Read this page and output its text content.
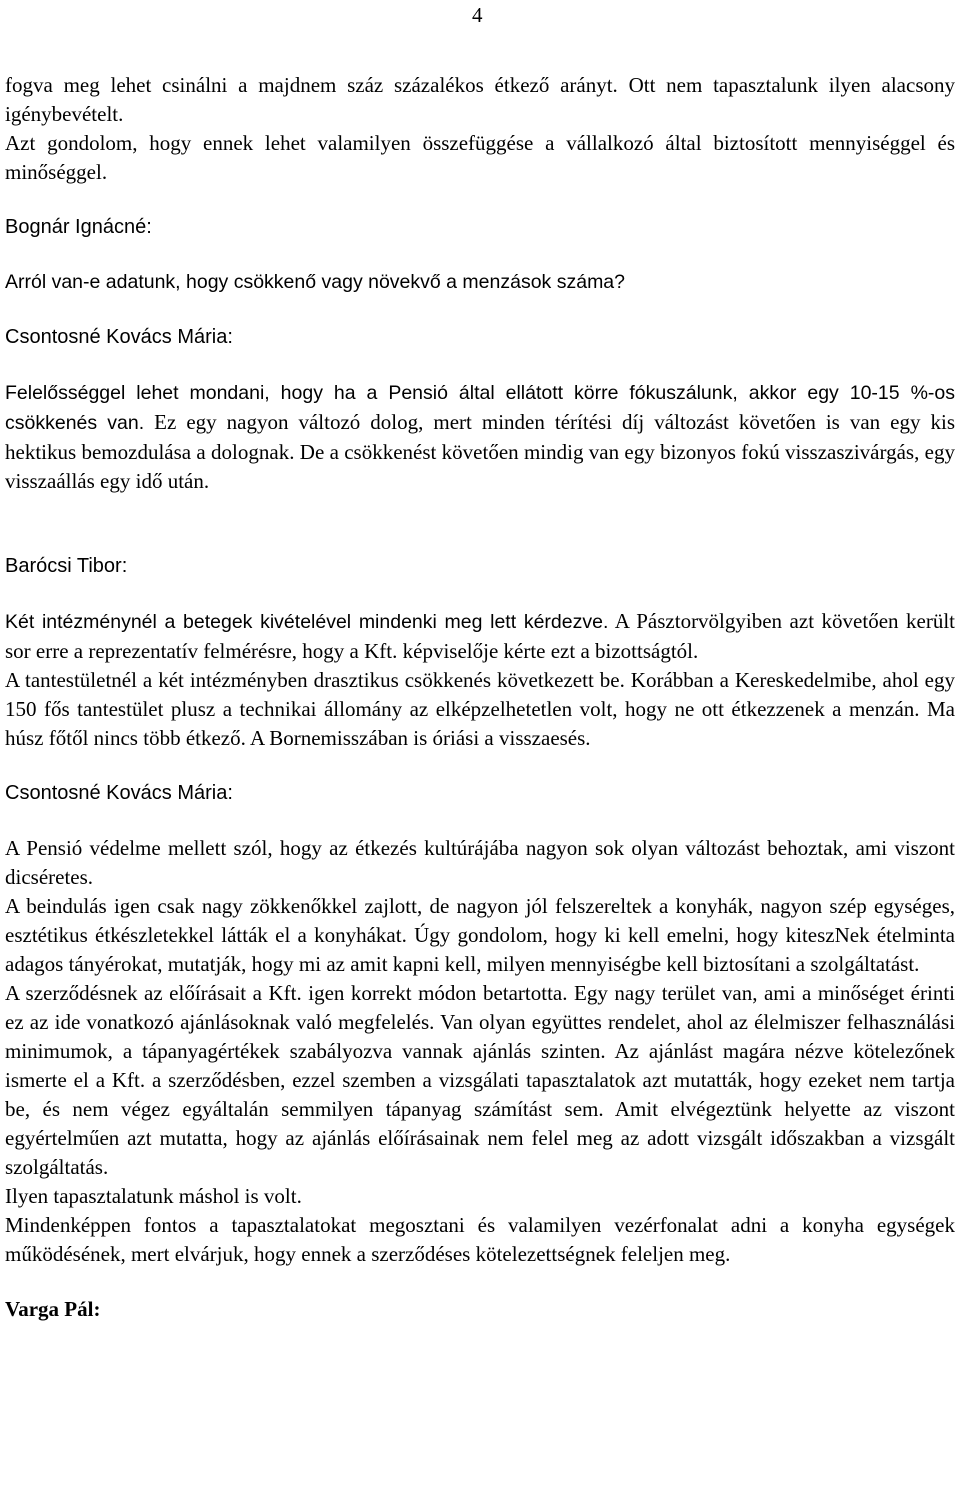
4

fogva meg lehet csinálni a majdnem száz százalékos étkező arányt. Ott nem tapasztalunk ilyen alacsony igénybevételt.

Azt gondolom, hogy ennek lehet valamilyen összefüggése a vállalkozó által biztosított mennyiséggel és minőséggel.

Bognár Ignácné:

Arról van-e adatunk, hogy csökkenő vagy növekvő a menzások száma?

Csontosné Kovács Mária:

Felelősséggel lehet mondani, hogy ha a Pensió által ellátott körre fókuszálunk, akkor egy 10-15 %-os csökkenés van. Ez egy nagyon változó dolog, mert minden térítési díj változást követően is van egy kis hektikus bemozdulása a dolognak. De a csökkenést követően mindig van egy bizonyos fokú visszaszivárgás, egy visszaállás egy idő után.

Barócsi Tibor:

Két intézménynél a betegek kivételével mindenki meg lett kérdezve. A Pásztorvölgyiben azt követően került sor erre a reprezentatív felmérésre, hogy a Kft. képviselője kérte ezt a bizottságtól.

A tantestületnél a két intézményben drasztikus csökkenés következett be. Korábban a Kereskedelmibe, ahol egy 150 fős tantestület plusz a technikai állomány az elképzelhetetlen volt, hogy ne ott étkezzenek a menzán. Ma húsz főtől nincs több étkező. A Bornemisszában is óriási a visszaesés.

Csontosné Kovács Mária:

A Pensió védelme mellett szól, hogy az étkezés kultúrájába nagyon sok olyan változást behoztak, ami viszont dicséretes.

A beindulás igen csak nagy zökkenőkkel zajlott, de nagyon jól felszereltek a konyhák, nagyon szép egységes, esztétikus étkészletekkel látták el a konyhákat. Úgy gondolom, hogy ki kell emelni, hogy kiteszNek ételminta adagos tányérokat, mutatják, hogy mi az amit kapni kell, milyen mennyiségbe kell biztosítani a szolgáltatást.

A szerződésnek az előírásait a Kft. igen korrekt módon betartotta. Egy nagy terület van, ami a minőséget érinti ez az ide vonatkozó ajánlásoknak való megfelelés. Van olyan együttes rendelet, ahol az élelmiszer felhasználási minimumok, a tápanyagértékek szabályozva vannak ajánlás szinten. Az ajánlást magára nézve kötelezőnek ismerte el a Kft. a szerződésben, ezzel szemben a vizsgálati tapasztalatok azt mutatták, hogy ezeket nem tartja be, és nem végez egyáltalán semmilyen tápanyag számítást sem. Amit elvégeztünk helyette az viszont egyértelműen azt mutatta, hogy az ajánlás előírásainak nem felel meg az adott vizsgált időszakban a vizsgált szolgáltatás.

Ilyen tapasztalatunk máshol is volt.

Mindenképpen fontos a tapasztalatokat megosztani és valamilyen vezérfonalat adni a konyha egységek működésének, mert elvárjuk, hogy ennek a szerződéses kötelezettségnek feleljen meg.

Varga Pál:
